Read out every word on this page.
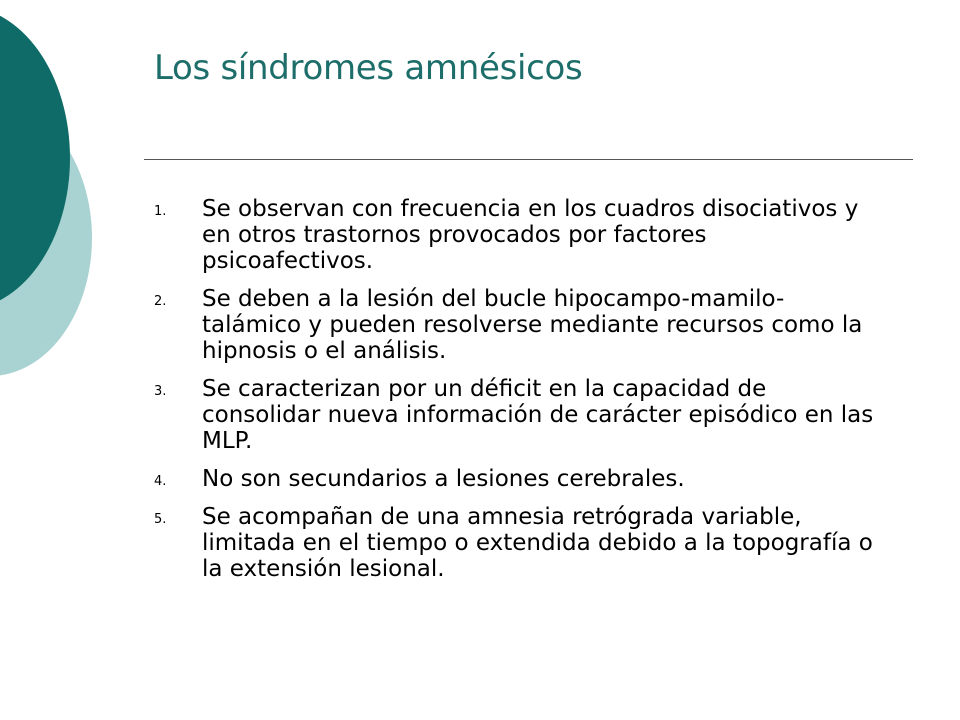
Los síndromes amnésicos
1. Se observan con frecuencia en los cuadros disociativos y en otros trastornos provocados por factores psicoafectivos.
2. Se deben a la lesión del bucle hipocampo-mamilo-talámico y pueden resolverse mediante recursos como la hipnosis o el análisis.
3. Se caracterizan por un déficit en la capacidad de consolidar nueva información de carácter episódico en las MLP.
4. No son secundarios a lesiones cerebrales.
5. Se acompañan de una amnesia retrógrada variable, limitada en el tiempo o extendida debido a la topografía o la extensión lesional.
